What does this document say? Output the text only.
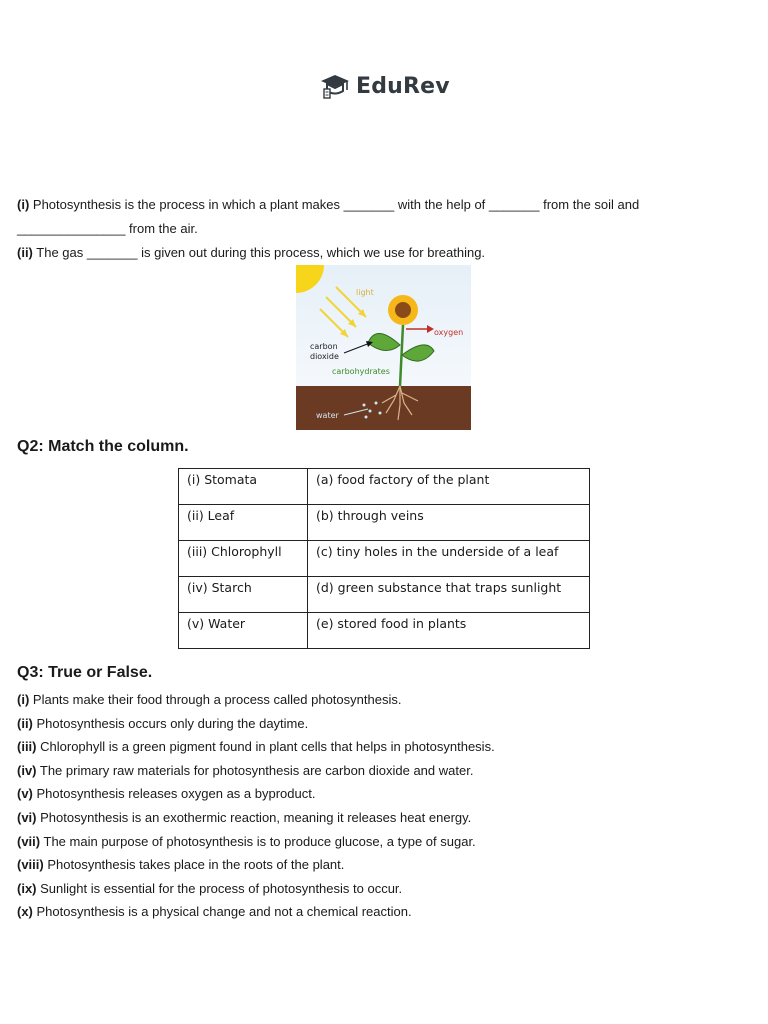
EduRev

(i) Photosynthesis is the process in which a plant makes _______ with the help of _______ from the soil and

_______________ from the air.

(ii) The gas _______ is given out during this process, which we use for breathing.

light
oxygen
carbon
dioxide
carbohydrates
water
Q2: Match the column.
(i) Stomata	(a) food factory of the plant
(ii) Leaf	(b) through veins
(iii) Chlorophyll	(c) tiny holes in the underside of a leaf
(iv) Starch	(d) green substance that traps sunlight
(v) Water	(e) stored food in plants
Q3: True or False.
(i) Plants make their food through a process called photosynthesis.
(ii) Photosynthesis occurs only during the daytime.
(iii) Chlorophyll is a green pigment found in plant cells that helps in photosynthesis.
(iv) The primary raw materials for photosynthesis are carbon dioxide and water.
(v) Photosynthesis releases oxygen as a byproduct.
(vi) Photosynthesis is an exothermic reaction, meaning it releases heat energy.
(vii) The main purpose of photosynthesis is to produce glucose, a type of sugar.
(viii) Photosynthesis takes place in the roots of the plant.
(ix) Sunlight is essential for the process of photosynthesis to occur.
(x) Photosynthesis is a physical change and not a chemical reaction.
